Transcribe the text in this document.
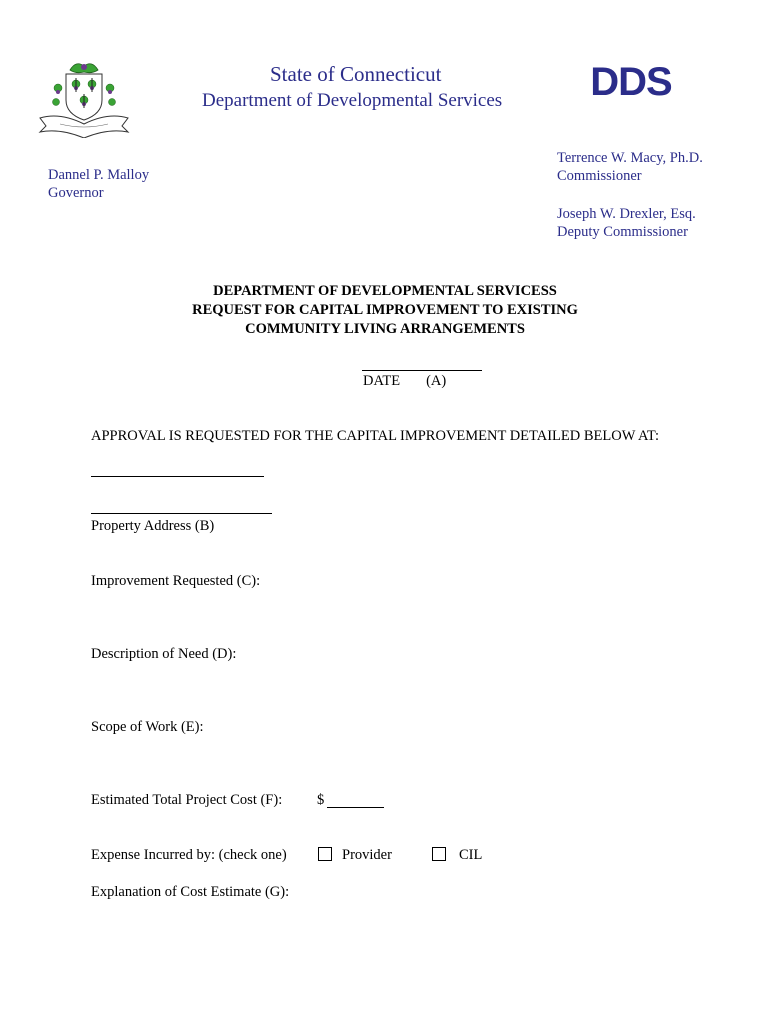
State of Connecticut
Department of Developmental Services DDS
Dannel P. Malloy
Governor
Terrence W. Macy, Ph.D.
Commissioner
Joseph W. Drexler, Esq.
Deputy Commissioner
DEPARTMENT OF DEVELOPMENTAL SERVICESS
REQUEST FOR CAPITAL IMPROVEMENT TO EXISTING
COMMUNITY LIVING ARRANGEMENTS
DATE (A)
APPROVAL IS REQUESTED FOR THE CAPITAL IMPROVEMENT DETAILED BELOW AT:
Property Address (B)
Improvement Requested (C):
Description of Need (D):
Scope of Work (E):
Estimated Total Project Cost (F): $
Expense Incurred by: (check one)	Provider	CIL
Explanation of Cost Estimate (G):
